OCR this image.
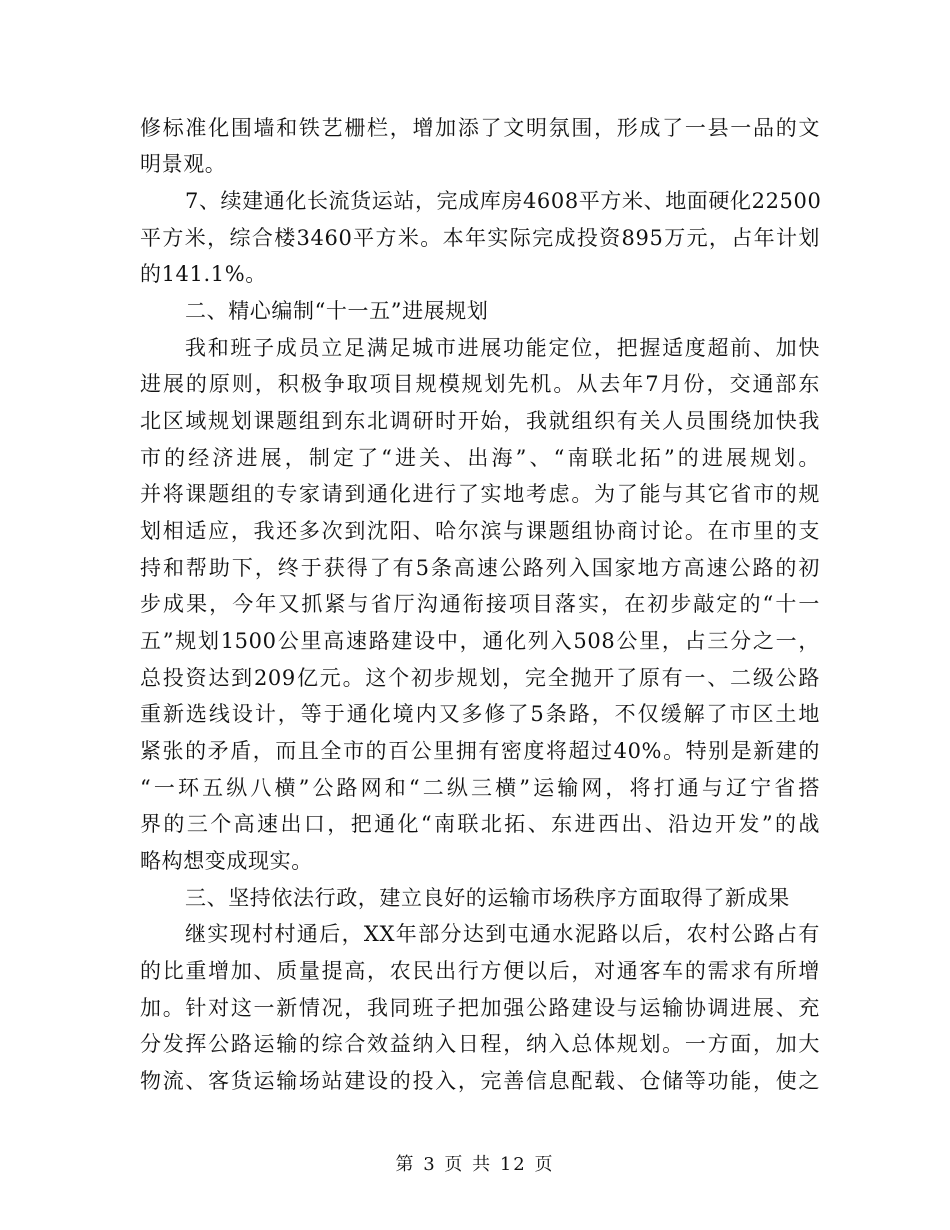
修标准化围墙和铁艺栅栏，增加添了文明氛围，形成了一县一品的文
明景观。
7、续建通化长流货运站，完成库房4608平方米、地面硬化22500
平方米，综合楼3460平方米。本年实际完成投资895万元，占年计划
的141.1%。
二、精心编制“十一五”进展规划
我和班子成员立足满足城市进展功能定位，把握适度超前、加快
进展的原则，积极争取项目规模规划先机。从去年7月份，交通部东
北区域规划课题组到东北调研时开始，我就组织有关人员围绕加快我
市的经济进展，制定了“进关、出海”、“南联北拓”的进展规划。
并将课题组的专家请到通化进行了实地考虑。为了能与其它省市的规
划相适应，我还多次到沈阳、哈尔滨与课题组协商讨论。在市里的支
持和帮助下，终于获得了有5条高速公路列入国家地方高速公路的初
步成果，今年又抓紧与省厅沟通衔接项目落实，在初步敲定的“十一
五”规划1500公里高速路建设中，通化列入508公里，占三分之一，
总投资达到209亿元。这个初步规划，完全抛开了原有一、二级公路
重新选线设计，等于通化境内又多修了5条路，不仅缓解了市区土地
紧张的矛盾，而且全市的百公里拥有密度将超过40%。特别是新建的
“一环五纵八横”公路网和“二纵三横”运输网，将打通与辽宁省搭
界的三个高速出口，把通化“南联北拓、东进西出、沿边开发”的战
略构想变成现实。
三、坚持依法行政，建立良好的运输市场秩序方面取得了新成果
继实现村村通后，XX年部分达到屯通水泥路以后，农村公路占有
的比重增加、质量提高，农民出行方便以后，对通客车的需求有所增
加。针对这一新情况，我同班子把加强公路建设与运输协调进展、充
分发挥公路运输的综合效益纳入日程，纳入总体规划。一方面，加大
物流、客货运输场站建设的投入，完善信息配载、仓储等功能，使之
第 3 页 共 12 页
